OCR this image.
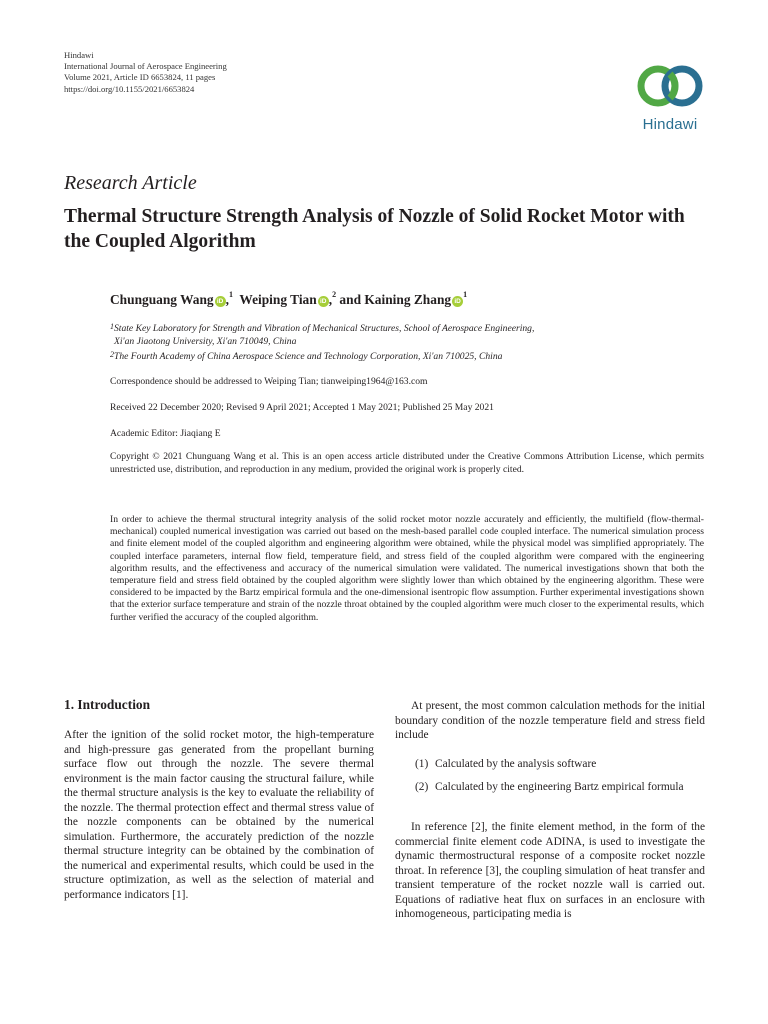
Hindawi
International Journal of Aerospace Engineering
Volume 2021, Article ID 6653824, 11 pages
https://doi.org/10.1155/2021/6653824
Hindawi
Research Article
Thermal Structure Strength Analysis of Nozzle of Solid Rocket Motor with the Coupled Algorithm
Chunguang Wang iD ,$^1$ Weiping Tian iD ,$^2$ and Kaining Zhang $iD^1$
$^1$State Key Laboratory for Strength and Vibration of Mechanical Structures, School of Aerospace Engineering,
Xi'an Jiaotong University, Xi'an 710049, China
$^2$The Fourth Academy of China Aerospace Science and Technology Corporation, Xi'an 710025, China
Correspondence should be addressed to Weiping Tian; tianweiping1964@163.com
Received 22 December 2020; Revised 9 April 2021; Accepted 1 May 2021; Published 25 May 2021
Academic Editor: Jiaqiang E
Copyright © 2021 Chunguang Wang et al. This is an open access article distributed under the Creative Commons Attribution License, which permits unrestricted use, distribution, and reproduction in any medium, provided the original work is properly cited.
In order to achieve the thermal structural integrity analysis of the solid rocket motor nozzle accurately and efficiently, the multifield (flow-thermal-mechanical) coupled numerical investigation was carried out based on the mesh-based parallel code coupled interface. The numerical simulation process and finite element model of the coupled algorithm and engineering algorithm were obtained, while the physical model was simplified appropriately. The coupled interface parameters, internal flow field, temperature field, and stress field of the coupled algorithm were compared with the engineering algorithm results, and the effectiveness and accuracy of the numerical simulation were validated. The numerical investigations shown that both the temperature field and stress field obtained by the coupled algorithm were slightly lower than which obtained by the engineering algorithm. These were considered to be impacted by the Bartz empirical formula and the one-dimensional isentropic flow assumption. Further experimental investigations shown that the exterior surface temperature and strain of the nozzle throat obtained by the coupled algorithm were much closer to the experimental results, which further verified the accuracy of the coupled algorithm.
1. Introduction

After the ignition of the solid rocket motor, the high-temperature and high-pressure gas generated from the propellant burning surface flow out through the nozzle. The severe thermal environment is the main factor causing the structural failure, while the thermal structure analysis is the key to evaluate the reliability of the nozzle. The thermal protection effect and thermal stress value of the nozzle components can be obtained by the numerical simulation. Furthermore, the accurately prediction of the nozzle thermal structure integrity can be obtained by the combination of the numerical and experimental results, which could be used in the structure optimization, as well as the selection of material and performance indicators [1].

At present, the most common calculation methods for the initial boundary condition of the nozzle temperature field and stress field include

(1) Calculated by the analysis software
(2) Calculated by the engineering Bartz empirical formula

In reference [2], the finite element method, in the form of the commercial finite element code ADINA, is used to investigate the dynamic thermostructural response of a composite rocket nozzle throat. In reference [3], the coupling simulation of heat transfer and transient temperature of the rocket nozzle wall is carried out. Equations of radiative heat flux on surfaces in an enclosure with inhomogeneous, participating media is
